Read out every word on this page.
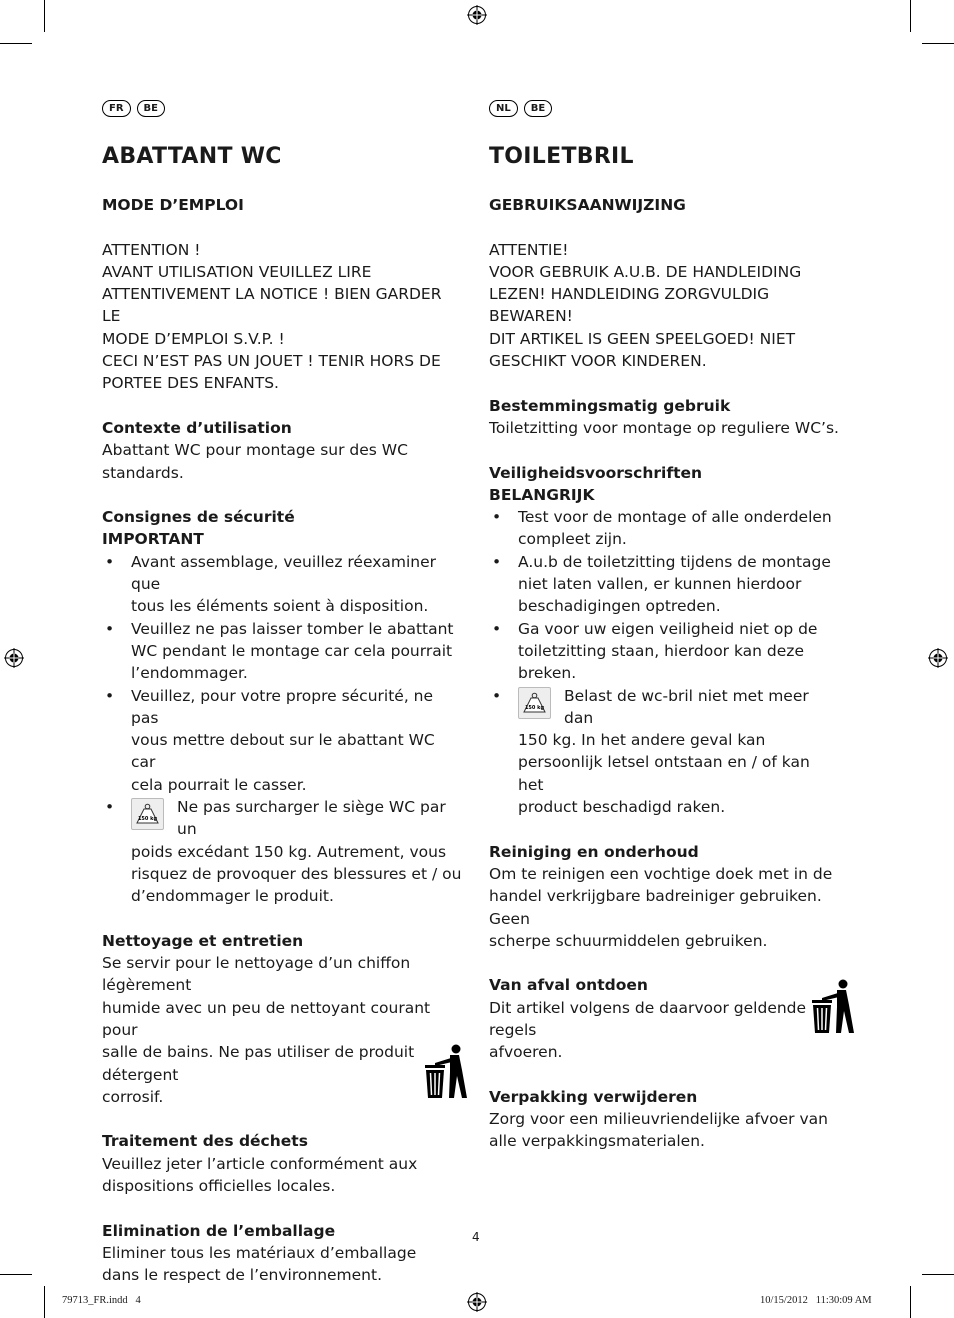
FR	BE
ABATTANT WC

MODE D’EMPLOI

ATTENTION !

AVANT UTILISATION VEUILLEZ LIRE

ATTENTIVEMENT LA NOTICE ! BIEN GARDER LE

MODE D’EMPLOI S.V.P. !

CECI N’EST PAS UN JOUET ! TENIR HORS DE

PORTEE DES ENFANTS.

Contexte d’utilisation

Abattant WC pour montage sur des WC

standards.

Consignes de sécurité

IMPORTANT

• Avant assemblage, veuillez réexaminer que
tous les éléments soient à disposition.
• Veuillez ne pas laisser tomber le abattant
WC pendant le montage car cela pourrait
l’endommager.
• Veuillez, pour votre propre sécurité, ne pas
vous mettre debout sur le abattant WC car
cela pourrait le casser.
•
150 kg
Ne pas surcharger le siège WC par un
poids excédant 150 kg. Autrement, vous
risquez de provoquer des blessures et / ou
d’endommager le produit.

Nettoyage et entretien

Se servir pour le nettoyage d’un chiffon légèrement

humide avec un peu de nettoyant courant pour

salle de bains. Ne pas utiliser de produit détergent

corrosif.

Traitement des déchets

Veuillez jeter l’article conformément aux

dispositions officielles locales.

Elimination de l’emballage

Eliminer tous les matériaux d’emballage

dans le respect de l’environnement.

NL	BE
TOILETBRIL

GEBRUIKSAANWIJZING

ATTENTIE!

VOOR GEBRUIK A.U.B. DE HANDLEIDING

LEZEN! HANDLEIDING ZORGVULDIG

BEWAREN!

DIT ARTIKEL IS GEEN SPEELGOED! NIET

GESCHIKT VOOR KINDEREN.

Bestemmingsmatig gebruik

Toiletzitting voor montage op reguliere WC’s.

Veiligheidsvoorschriften

BELANGRIJK

• Test voor de montage of alle onderdelen
compleet zijn.
• A.u.b de toiletzitting tijdens de montage
niet laten vallen, er kunnen hierdoor
beschadigingen optreden.
• Ga voor uw eigen veiligheid niet op de
toiletzitting staan, hierdoor kan deze breken.
•
150 kg
Belast de wc-bril niet met meer dan
150 kg. In het andere geval kan
persoonlijk letsel ontstaan en / of kan het
product beschadigd raken.

Reiniging en onderhoud

Om te reinigen een vochtige doek met in de

handel verkrijgbare badreiniger gebruiken. Geen

scherpe schuurmiddelen gebruiken.

Van afval ontdoen

Dit artikel volgens de daarvoor geldende regels

afvoeren.

Verpakking verwijderen

Zorg voor een milieuvriendelijke afvoer van

alle verpakkingsmaterialen.

4
79713_FR.indd   4	10/15/2012   11:30:09 AM
